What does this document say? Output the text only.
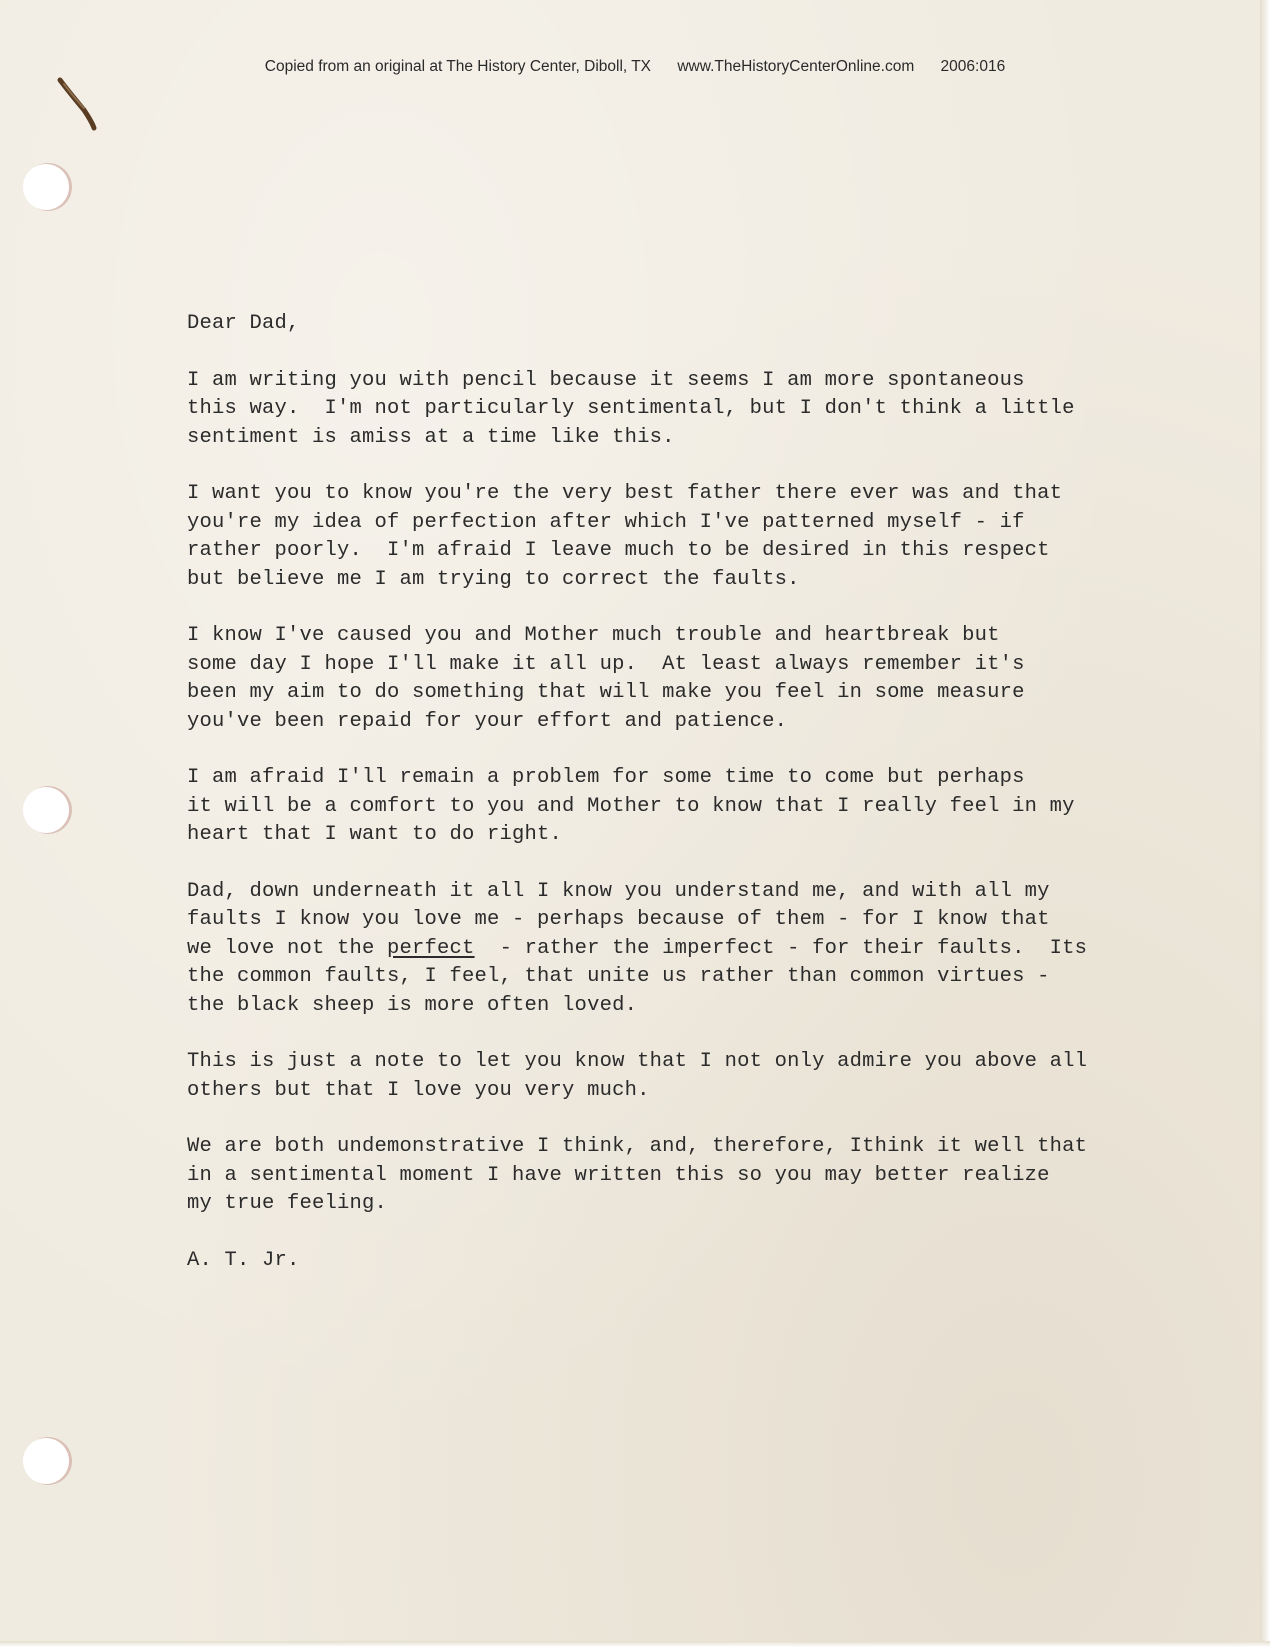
Copied from an original at The History Center, Diboll, TX www.TheHistoryCenterOnline.com 2006:016
Dear Dad,
I am writing you with pencil because it seems I am more spontaneous
this way.  I'm not particularly sentimental, but I don't think a little
sentiment is amiss at a time like this.
I want you to know you're the very best father there ever was and that
you're my idea of perfection after which I've patterned myself - if
rather poorly.  I'm afraid I leave much to be desired in this respect
but believe me I am trying to correct the faults.
I know I've caused you and Mother much trouble and heartbreak but
some day I hope I'll make it all up.  At least always remember it's
been my aim to do something that will make you feel in some measure
you've been repaid for your effort and patience.
I am afraid I'll remain a problem for some time to come but perhaps
it will be a comfort to you and Mother to know that I really feel in my
heart that I want to do right.
Dad, down underneath it all I know you understand me, and with all my
faults I know you love me - perhaps because of them - for I know that
we love not the perfect  - rather the imperfect - for their faults.  Its
the common faults, I feel, that unite us rather than common virtues -
the black sheep is more often loved.
This is just a note to let you know that I not only admire you above all
others but that I love you very much.
We are both undemonstrative I think, and, therefore, Ithink it well that
in a sentimental moment I have written this so you may better realize
my true feeling.
A. T. Jr.
